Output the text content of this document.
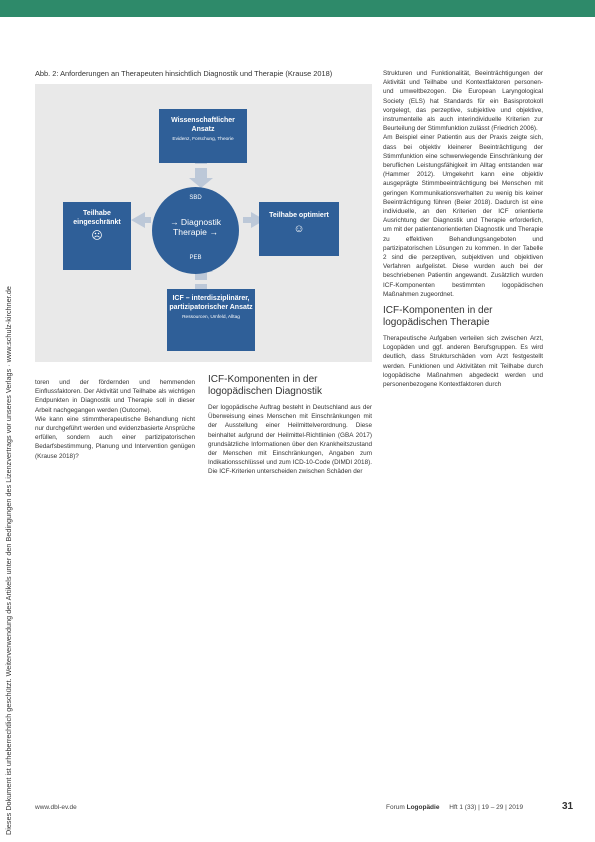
Dieses Dokument ist urheberrechtlich geschützt. Weiterverwendung des Artikels unter den Bedingungen des Lizenzvertrags vor unseres Verlags · www.schulz-kirchner.de
Abb. 2: Anforderungen an Therapeuten hinsichtlich Diagnostik und Therapie (Krause 2018)
Wissenschaftlicher Ansatz
Evidenz, Forschung, Theorie
Teilhabe eingeschränkt
☹
Teilhabe optimiert
☺
SBD
→ Diagnostik Therapie →
PEB
ICF – interdisziplinärer, partizipatorischer Ansatz
Ressourcen, Umfeld, Alltag

toren und der fördernden und hemmenden Einflussfaktoren. Der Aktivität und Teilhabe als wichtigen Endpunkten in Diagnostik und Therapie soll in dieser Arbeit nachgegangen werden (Outcome).

Wie kann eine stimmtherapeutische Behandlung nicht nur durchgeführt werden und evidenzbasierte Ansprüche erfüllen, sondern auch einer partizipatorischen Bedarfsbestimmung, Planung und Intervention genügen (Krause 2018)?

ICF-Komponenten in der logopädischen Diagnostik

Der logopädische Auftrag besteht in Deutschland aus der Überweisung eines Menschen mit Einschränkungen mit der Ausstellung einer Heilmittelverordnung. Diese beinhaltet aufgrund der Heilmittel-Richtlinien (GBA 2017) grundsätzliche Informationen über den Krankheitszustand der Menschen mit Einschränkungen, Angaben zum Indikationsschlüssel und zum ICD-10-Code (DIMDI 2018). Die ICF-Kriterien unterscheiden zwischen Schäden der

Strukturen und Funktionalität, Beeinträchtigungen der Aktivität und Teilhabe und Kontextfaktoren personen- und umweltbezogen. Die European Laryngological Society (ELS) hat Standards für ein Basisprotokoll vorgelegt, das perzeptive, subjektive und objektive, instrumentelle als auch interindividuelle Kriterien zur Beurteilung der Stimmfunktion zulässt (Friedrich 2006).

Am Beispiel einer Patientin aus der Praxis zeigte sich, dass bei objektiv kleinerer Beeinträchtigung der Stimmfunktion eine schwerwiegende Einschränkung der beruflichen Leistungsfähigkeit im Alltag entstanden war (Hammer 2012). Umgekehrt kann eine objektiv ausgeprägte Stimmbeeinträchtigung bei Menschen mit geringen Kommunikationsverhalten zu wenig bis keiner Beeinträchtigung führen (Beier 2018). Dadurch ist eine individuelle, an den Kriterien der ICF orientierte Ausrichtung der Diagnostik und Therapie erforderlich, um mit der patientenorientierten Diagnostik und Therapie zu effektiven Behandlungsangeboten und partizipatorischen Lösungen zu kommen. In der Tabelle 2 sind die perzeptiven, subjektiven und objektiven Verfahren aufgelistet. Diese wurden auch bei der beschriebenen Patientin angewandt. Zusätzlich wurden ICF-Komponenten bestimmten logopädischen Maßnahmen zugeordnet.

ICF-Komponenten in der logopädischen Therapie

Therapeutische Aufgaben verteilen sich zwischen Arzt, Logopäden und ggf. anderen Berufsgruppen. Es wird deutlich, dass Strukturschäden vom Arzt festgestellt werden. Funktionen und Aktivitäten mit Teilhabe durch logopädische Maßnahmen abgedeckt werden und personenbezogene Kontextfaktoren durch

www.dbl-ev.de	Forum Logopädie Hft 1 (33) | 19 – 29 | 2019	31
